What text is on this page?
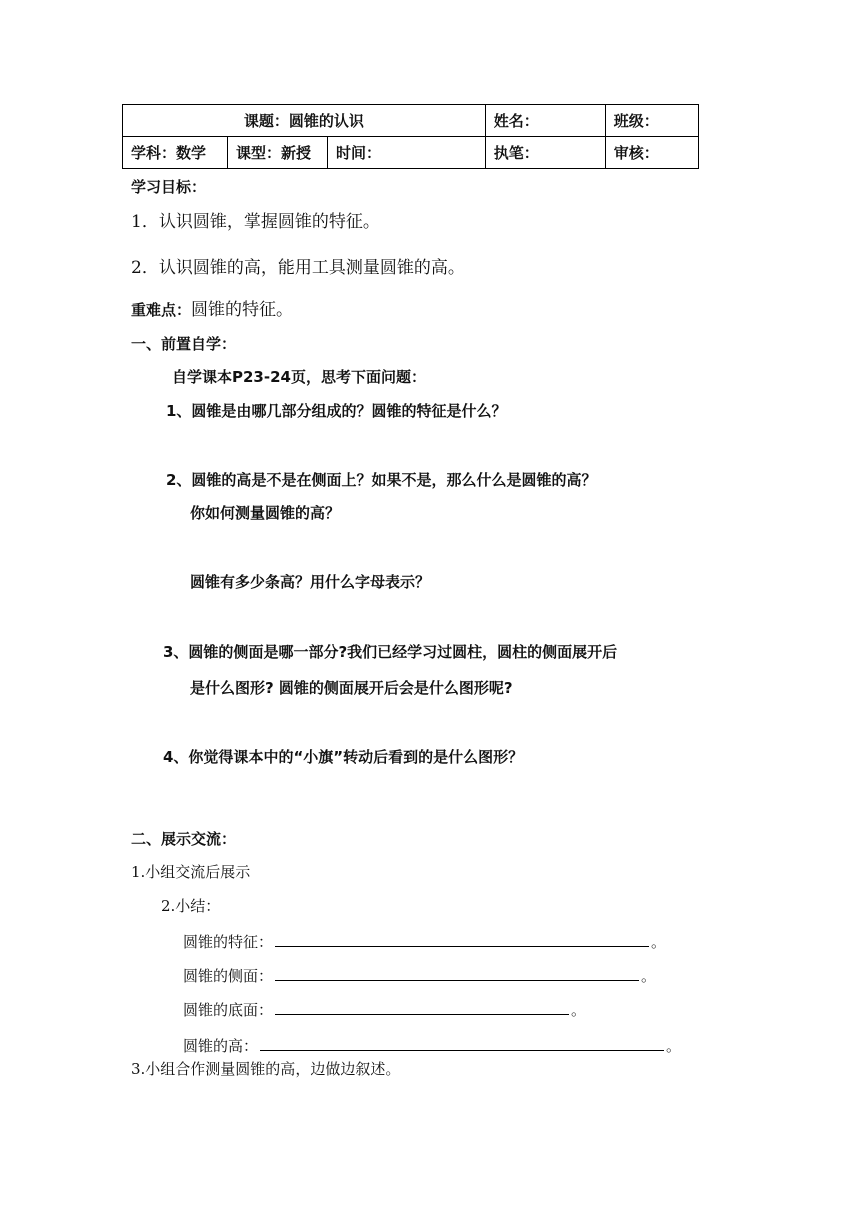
课题：圆锥的认识			姓名：	班级：
学科：数学	课型：新授	时间：	执笔：	审核：
学习目标：
1．认识圆锥，掌握圆锥的特征。
2．认识圆锥的高，能用工具测量圆锥的高。
重难点：圆锥的特征。
一、前置自学：
自学课本P23-24页，思考下面问题：
1、圆锥是由哪几部分组成的？圆锥的特征是什么？
2、圆锥的高是不是在侧面上？如果不是，那么什么是圆锥的高？
你如何测量圆锥的高？
圆锥有多少条高？用什么字母表示？
3、圆锥的侧面是哪一部分?我们已经学习过圆柱，圆柱的侧面展开后
是什么图形? 圆锥的侧面展开后会是什么图形呢?
4、你觉得课本中的“小旗”转动后看到的是什么图形？
二、展示交流：
1.小组交流后展示
2.小结：
圆锥的特征：	。
圆锥的侧面：	。
圆锥的底面：	。
圆锥的高：	。
3.小组合作测量圆锥的高，边做边叙述。
